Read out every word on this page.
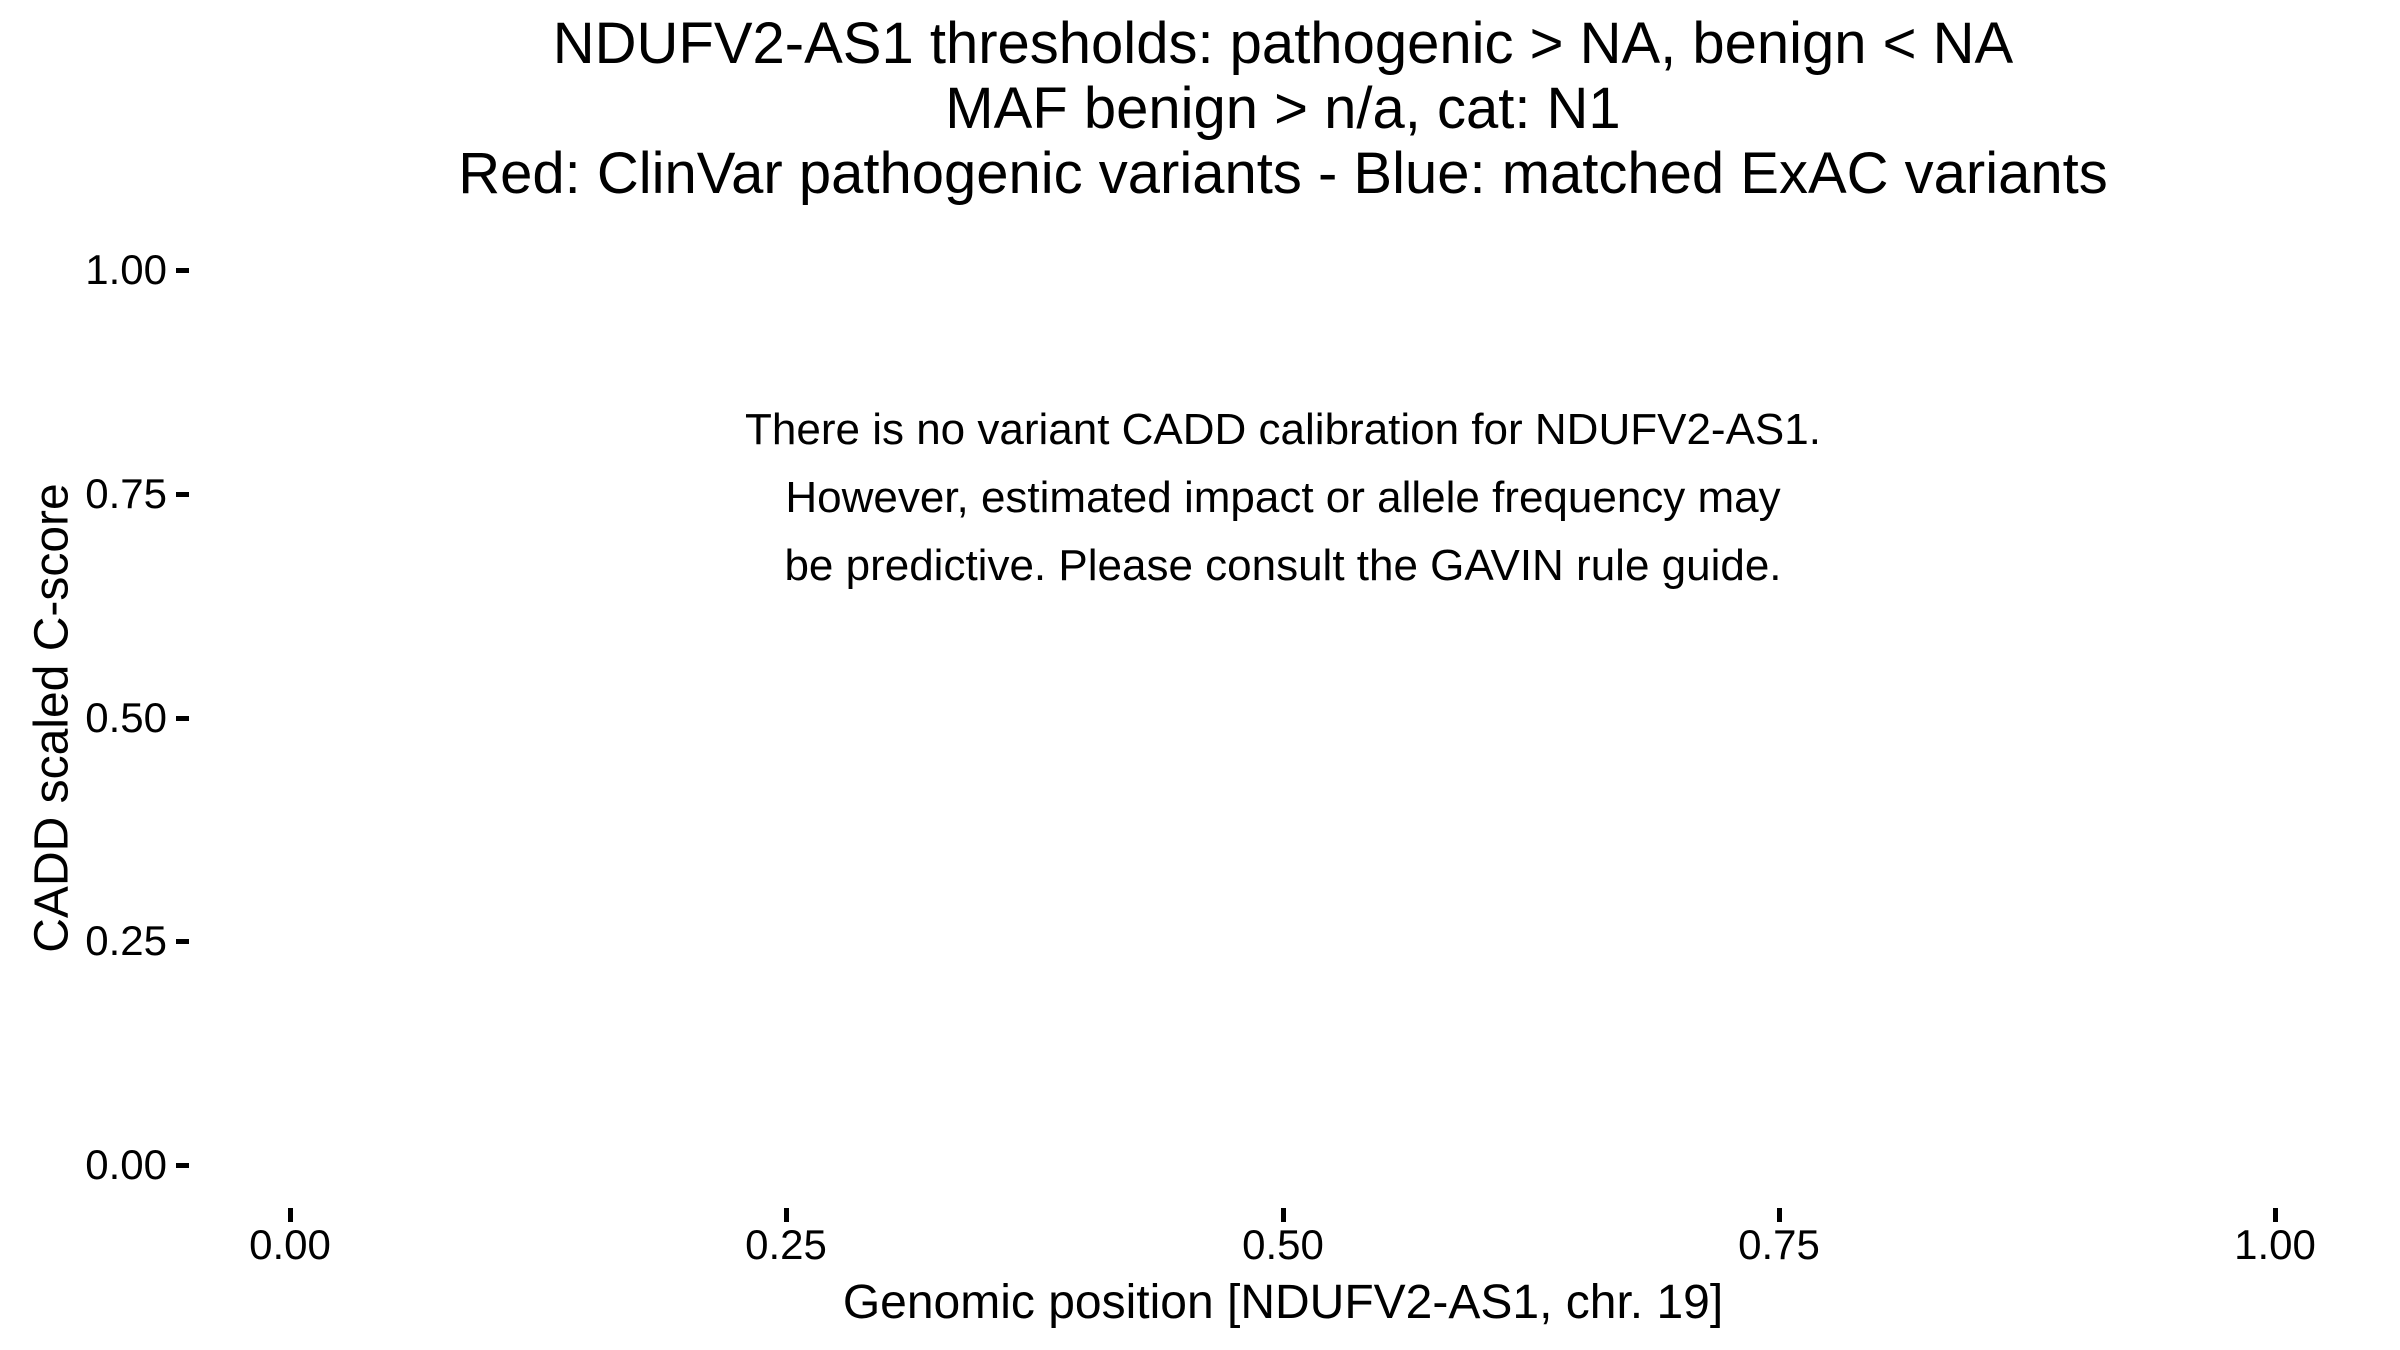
NDUFV2-AS1 thresholds: pathogenic > NA, benign < NA
MAF benign > n/a, cat: N1
Red: ClinVar pathogenic variants - Blue: matched ExAC variants
There is no variant CADD calibration for NDUFV2-AS1.
However, estimated impact or allele frequency may
be predictive. Please consult the GAVIN rule guide.
CADD scaled C-score
1.00
0.75
0.50
0.25
0.00
0.00	0.25	0.50	0.75	1.00
Genomic position [NDUFV2-AS1, chr. 19]
